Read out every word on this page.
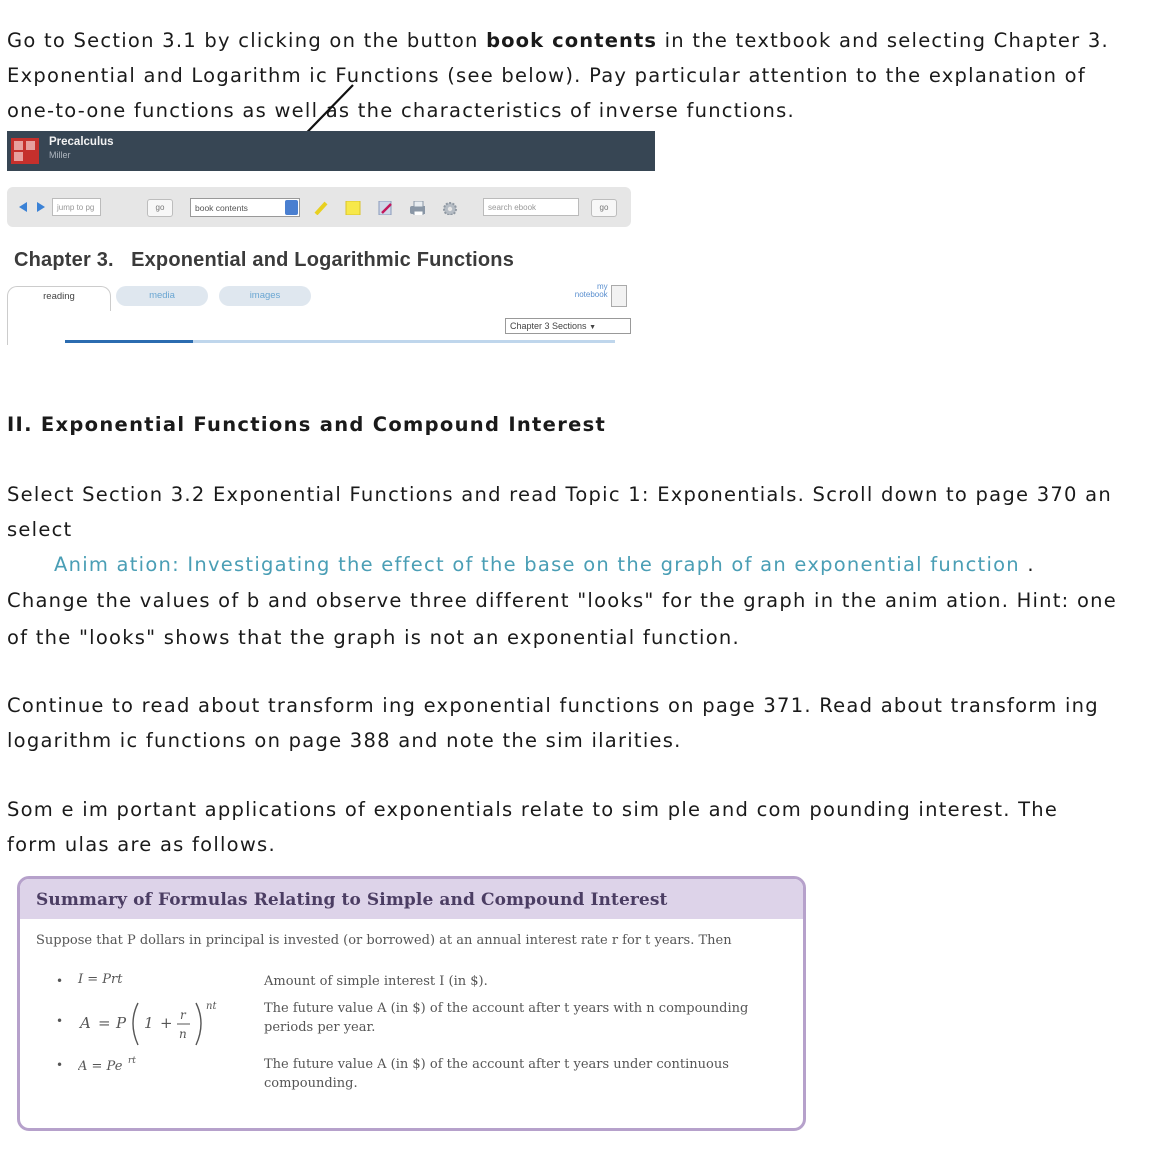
Go to Section 3.1 by clicking on the button book contents in the textbook and selecting Chapter 3.
Exponential and Logarithm ic Functions (see below). Pay particular attention to the explanation of
one-to-one functions as well as the characteristics of inverse functions.
Precalculus
Miller
jump to pg	go	book contents	search ebook	go
Chapter 3.   Exponential and Logarithmic Functions
reading	media	images
my
notebook
Chapter 3 Sections ▼
II. Exponential Functions and Compound Interest
Select Section 3.2 Exponential Functions and read Topic 1: Exponentials. Scroll down to page 370 an
select
Anim ation: Investigating the effect of the base on the graph of an exponential function .
Change the values of b and observe three different "looks" for the graph in the anim ation. Hint: one
of the "looks" shows that the graph is not an exponential function.
Continue to read about transform ing exponential functions on page 371. Read about transform ing
logarithm ic functions on page 388 and note the sim ilarities.
Som e im portant applications of exponentials relate to sim ple and com pounding interest. The
form ulas are as follows.
Summary of Formulas Relating to Simple and Compound Interest
Suppose that P dollars in principal is invested (or borrowed) at an annual interest rate r for t years. Then
• I = Prt	Amount of simple interest I (in $).
• A = P 1 + r
n
nt	The future value A (in $) of the account after t years with n compounding periods per year.
• A = Pe rt	The future value A (in $) of the account after t years under continuous compounding.
